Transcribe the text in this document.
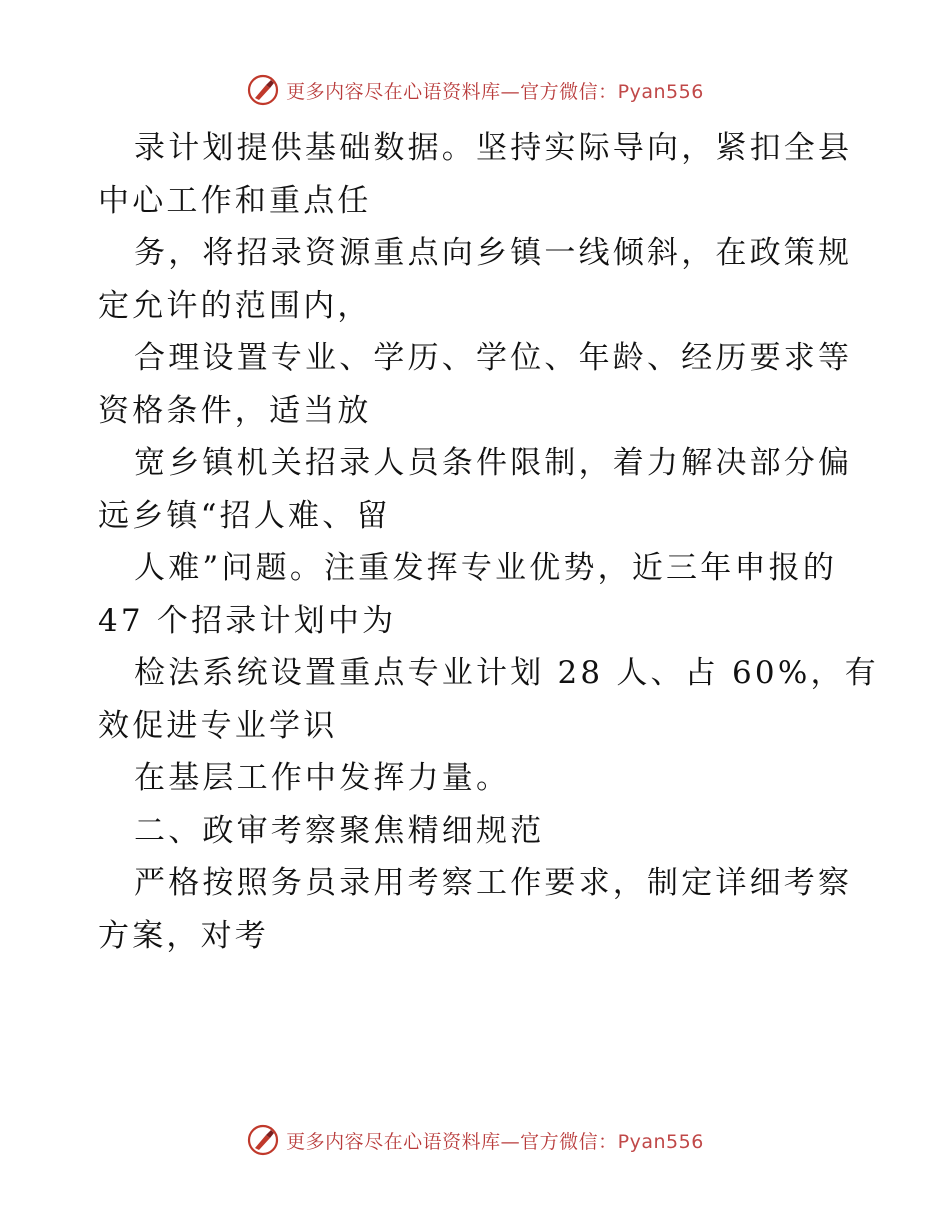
更多内容尽在心语资料库—官方微信：Pyan556

录计划提供基础数据。坚持实际导向，紧扣全县
中心工作和重点任

务，将招录资源重点向乡镇一线倾斜，在政策规
定允许的范围内，

合理设置专业、学历、学位、年龄、经历要求等
资格条件，适当放

宽乡镇机关招录人员条件限制，着力解决部分偏
远乡镇“招人难、留

人难”问题。注重发挥专业优势，近三年申报的
47 个招录计划中为

检法系统设置重点专业计划 28 人、占 60%，有
效促进专业学识

在基层工作中发挥力量。

二、政审考察聚焦精细规范

严格按照务员录用考察工作要求，制定详细考察
方案，对考

更多内容尽在心语资料库—官方微信：Pyan556
